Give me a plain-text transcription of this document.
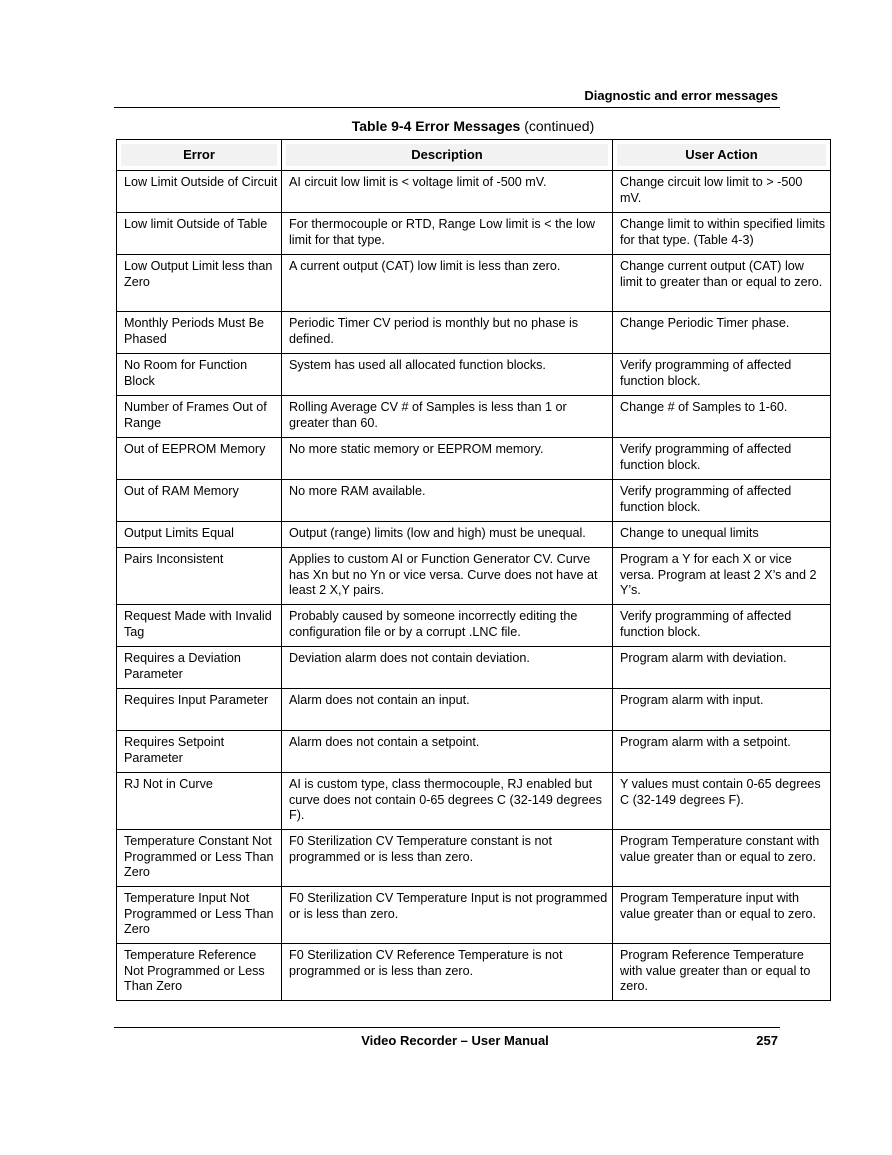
Diagnostic and error messages
Table 9-4 Error Messages (continued)
Error	Description	User Action

Low Limit Outside of Circuit	AI circuit low limit is < voltage limit of -500 mV.	Change circuit low limit to > -500 mV.
Low limit Outside of Table	For thermocouple or RTD, Range Low limit is < the low limit for that type.	Change limit to within specified limits for that type. (Table 4-3)
Low Output Limit less than Zero	A current output (CAT) low limit is less than zero.	Change current output (CAT) low limit to greater than or equal to zero.
Monthly Periods Must Be Phased	Periodic Timer CV period is monthly but no phase is defined.	Change Periodic Timer phase.
No Room for Function Block	System has used all allocated function blocks.	Verify programming of affected function block.
Number of Frames Out of Range	Rolling Average CV # of Samples is less than 1 or greater than 60.	Change # of Samples to 1-60.
Out of EEPROM Memory	No more static memory or EEPROM memory.	Verify programming of affected function block.
Out of RAM Memory	No more RAM available.	Verify programming of affected function block.
Output Limits Equal	Output (range) limits (low and high) must be unequal.	Change to unequal limits
Pairs Inconsistent	Applies to custom AI or Function Generator CV. Curve has Xn but no Yn or vice versa. Curve does not have at least 2 X,Y pairs.	Program a Y for each X or vice versa. Program at least 2 X’s and 2 Y’s.
Request Made with Invalid Tag	Probably caused by someone incorrectly editing the configuration file or by a corrupt .LNC file.	Verify programming of affected function block.
Requires a Deviation Parameter	Deviation alarm does not contain deviation.	Program alarm with deviation.
Requires Input Parameter	Alarm does not contain an input.	Program alarm with input.
Requires Setpoint Parameter	Alarm does not contain a setpoint.	Program alarm with a setpoint.
RJ Not in Curve	AI is custom type, class thermocouple, RJ enabled but curve does not contain 0-65 degrees C (32-149 degrees F).	Y values must contain 0-65 degrees C (32-149 degrees F).
Temperature Constant Not Programmed or Less Than Zero	F0 Sterilization CV Temperature constant is not programmed or is less than zero.	Program Temperature constant with value greater than or equal to zero.
Temperature Input Not Programmed or Less Than Zero	F0 Sterilization CV Temperature Input is not programmed or is less than zero.	Program Temperature input with value greater than or equal to zero.
Temperature Reference Not Programmed or Less Than Zero	F0 Sterilization CV Reference Temperature is not programmed or is less than zero.	Program Reference Temperature with value greater than or equal to zero.
Video Recorder – User Manual	257
